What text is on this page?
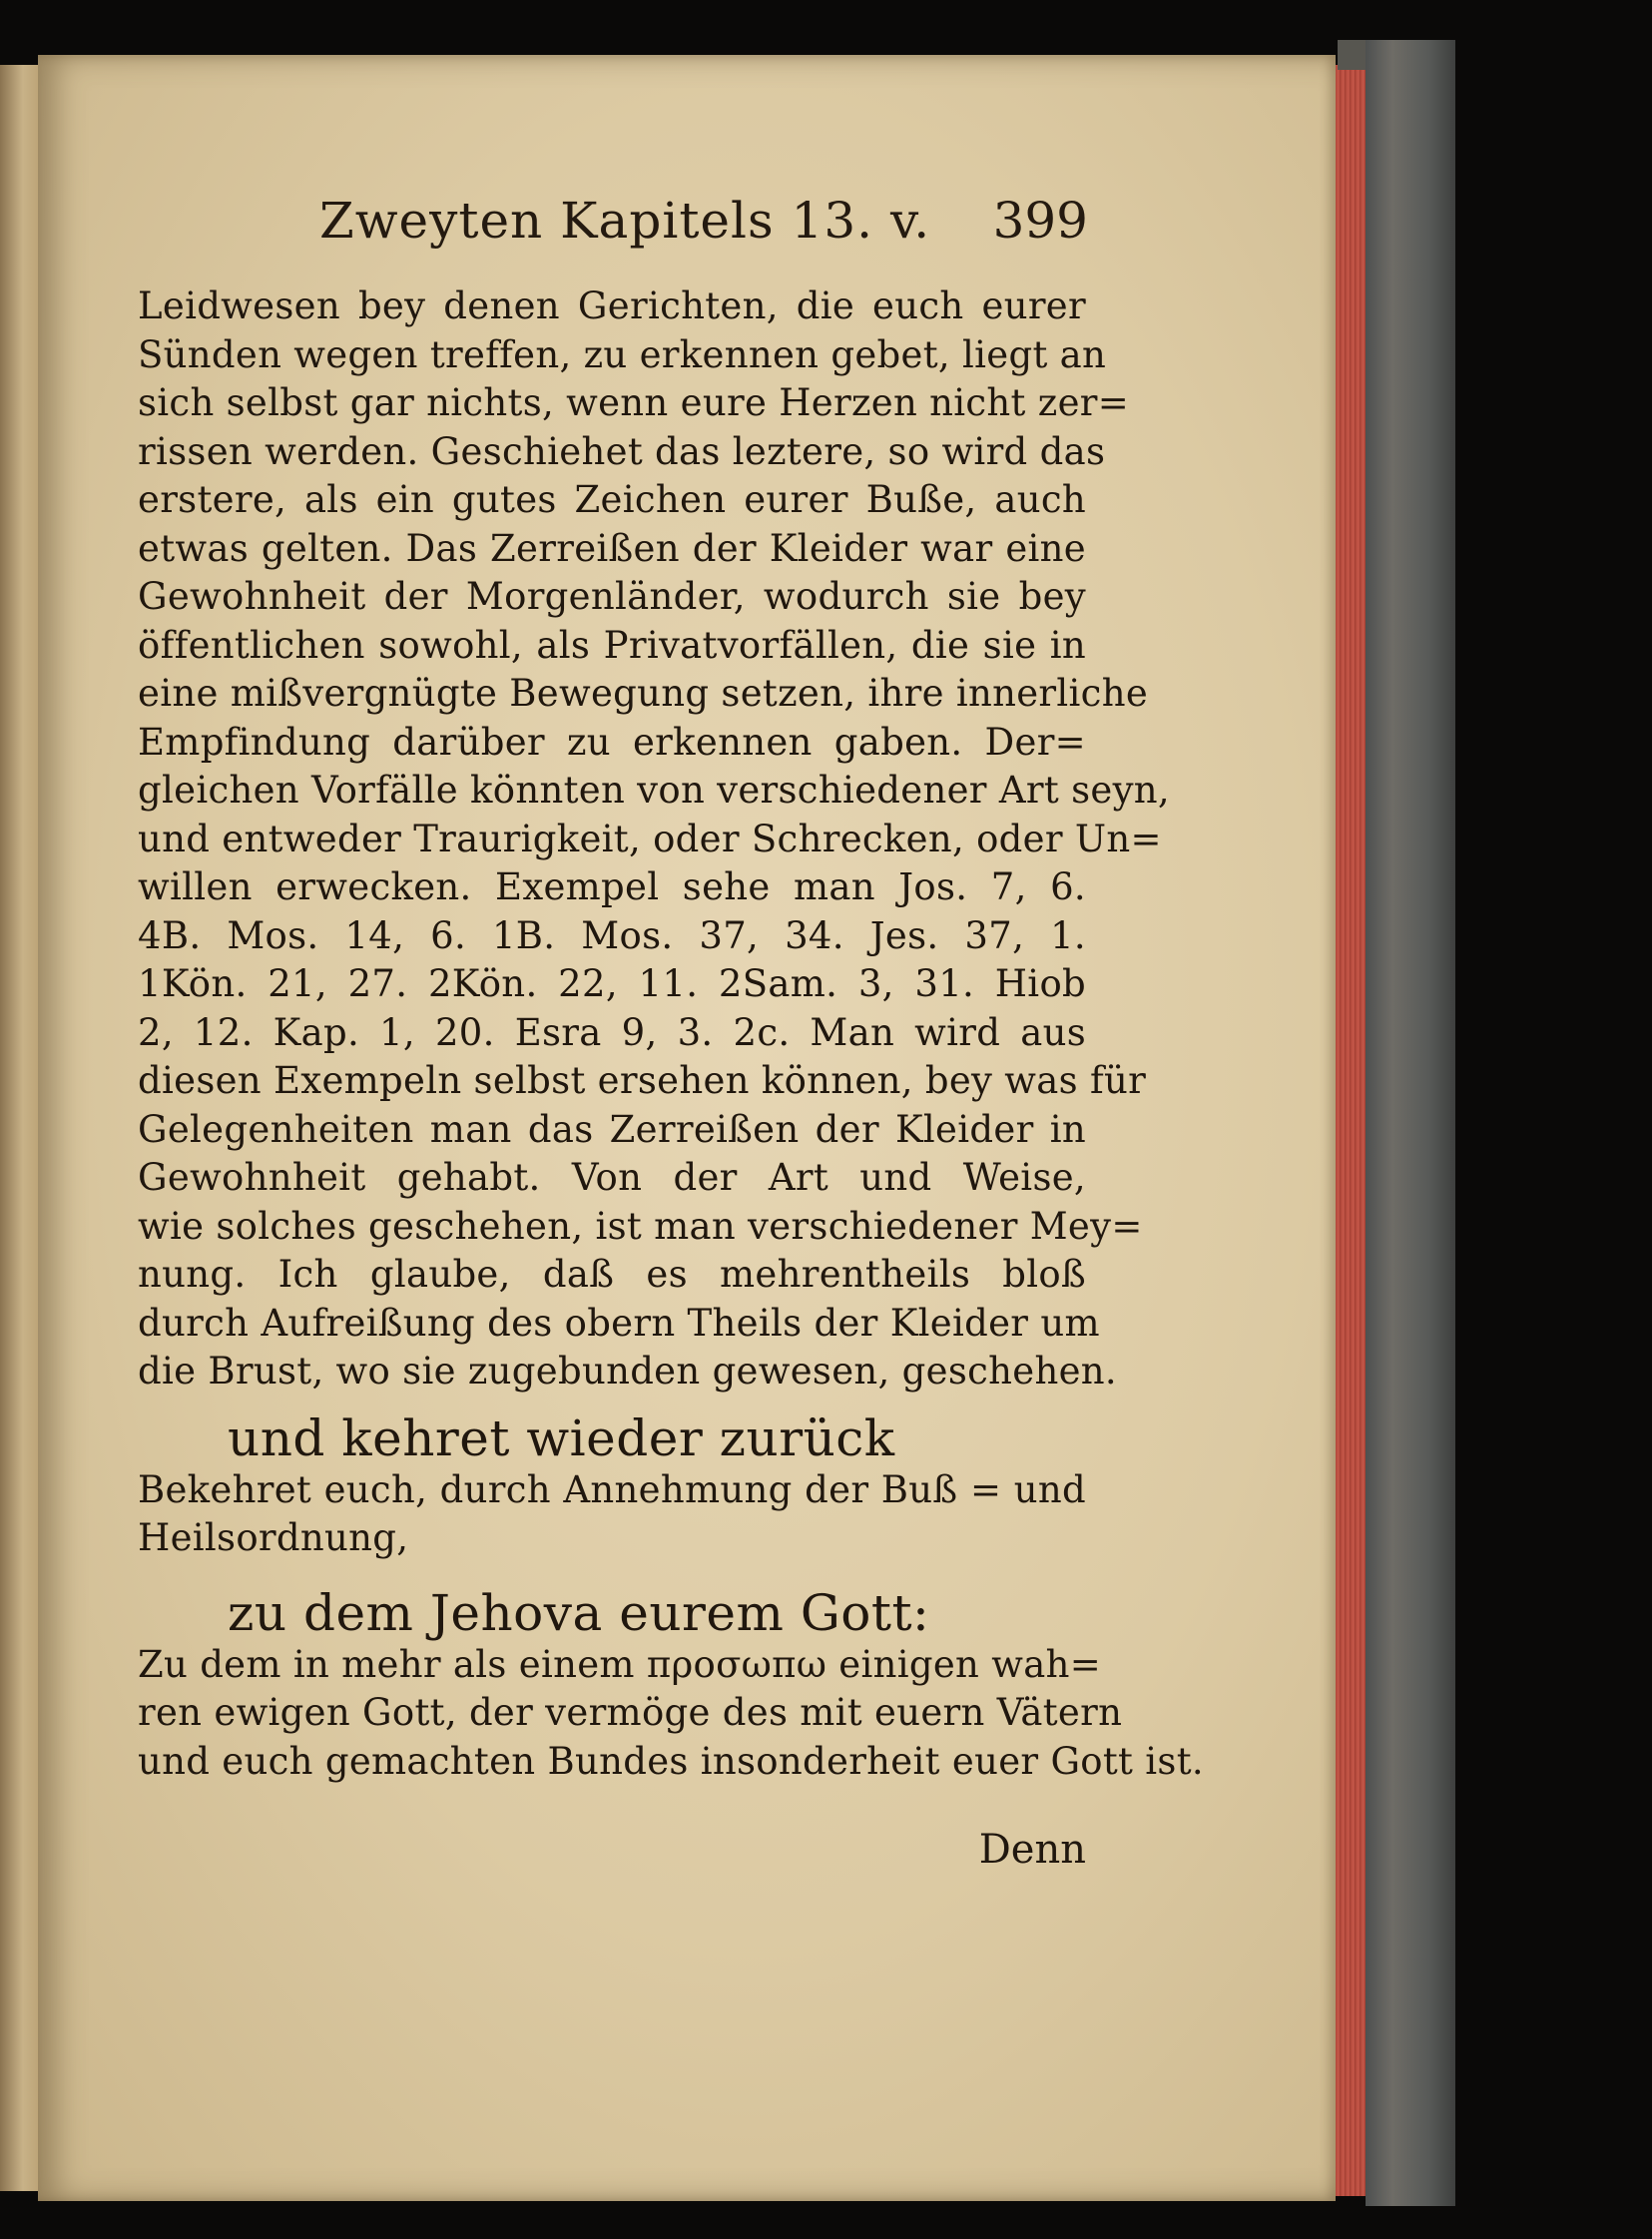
Zweyten Kapitels 13. v. 399
Leidwesen bey denen Gerichten, die euch eurer
Sünden wegen treffen, zu erkennen gebet, liegt an
sich selbst gar nichts, wenn eure Herzen nicht zer=
rissen werden. Geschiehet das leztere, so wird das
erstere, als ein gutes Zeichen eurer Buße, auch
etwas gelten. Das Zerreißen der Kleider war eine
Gewohnheit der Morgenländer, wodurch sie bey
öffentlichen sowohl, als Privatvorfällen, die sie in
eine mißvergnügte Bewegung setzen, ihre innerliche
Empfindung darüber zu erkennen gaben. Der=
gleichen Vorfälle könnten von verschiedener Art seyn,
und entweder Traurigkeit, oder Schrecken, oder Un=
willen erwecken. Exempel sehe man Jos. 7, 6.
4B. Mos. 14, 6. 1B. Mos. 37, 34. Jes. 37, 1.
1Kön. 21, 27. 2Kön. 22, 11. 2Sam. 3, 31. Hiob
2, 12. Kap. 1, 20. Esra 9, 3. 2c. Man wird aus
diesen Exempeln selbst ersehen können, bey was für
Gelegenheiten man das Zerreißen der Kleider in
Gewohnheit gehabt. Von der Art und Weise,
wie solches geschehen, ist man verschiedener Mey=
nung. Ich glaube, daß es mehrentheils bloß
durch Aufreißung des obern Theils der Kleider um
die Brust, wo sie zugebunden gewesen, geschehen.
und kehret wieder zurück
Bekehret euch, durch Annehmung der Buß = und
Heilsordnung,
zu dem Jehova eurem Gott:
Zu dem in mehr als einem προσωπω einigen wah=
ren ewigen Gott, der vermöge des mit euern Vätern
und euch gemachten Bundes insonderheit euer Gott ist.
Denn
